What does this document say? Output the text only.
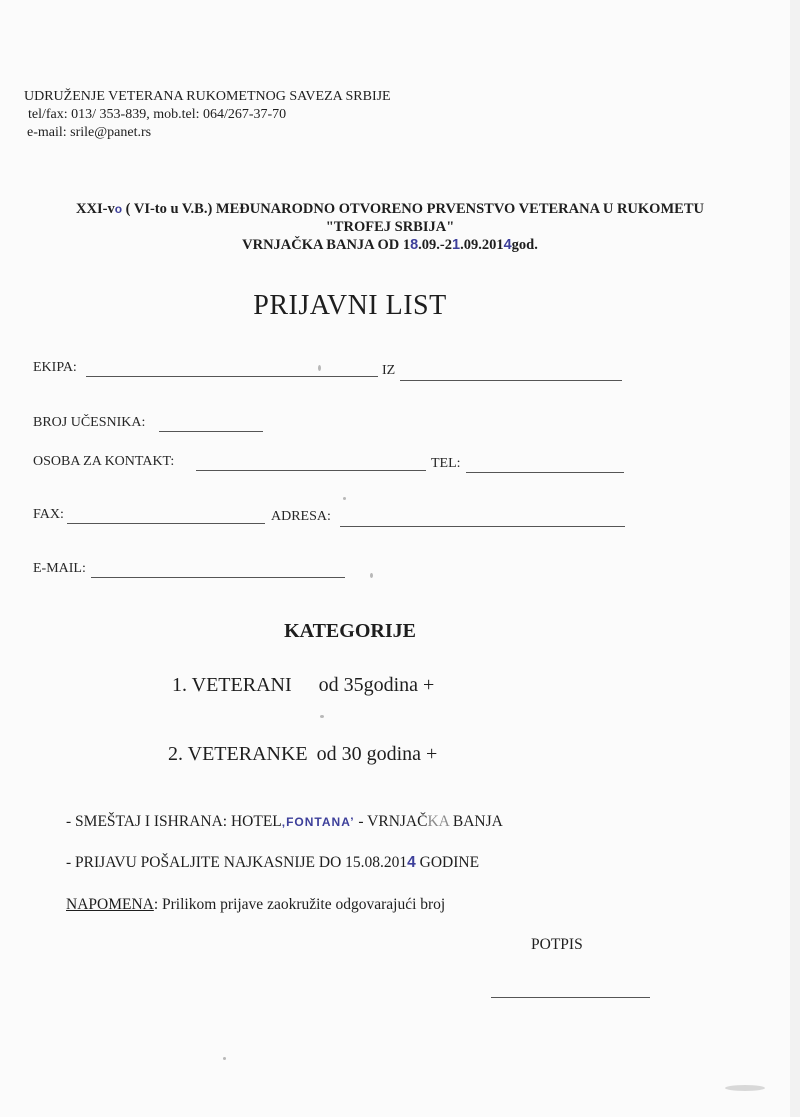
UDRUŽENJE VETERANA RUKOMETNOG SAVEZA SRBIJE
tel/fax: 013/ 353-839, mob.tel: 064/267-37-70
e-mail: srile@panet.rs
XXI-vo ( VI-to u V.B.) MEĐUNARODNO OTVORENO PRVENSTVO VETERANA U RUKOMETU
"TROFEJ SRBIJA"
VRNJAČKA BANJA OD 18.09.-21.09.2014god.
PRIJAVNI LIST
EKIPA:	IZ
BROJ UČESNIKA:
OSOBA ZA KONTAKT:	TEL:
FAX:	ADRESA:
E-MAIL:
KATEGORIJE
1. VETERANI od 35godina +
2. VETERANKE od 30 godina +
- SMEŠTAJ I ISHRANA: HOTEL‚FONTANA’ - VRNJAČKA BANJA
- PRIJAVU POŠALJITE NAJKASNIJE DO 15.08.2014 GODINE
NAPOMENA: Prilikom prijave zaokružite odgovarajući broj
POTPIS
